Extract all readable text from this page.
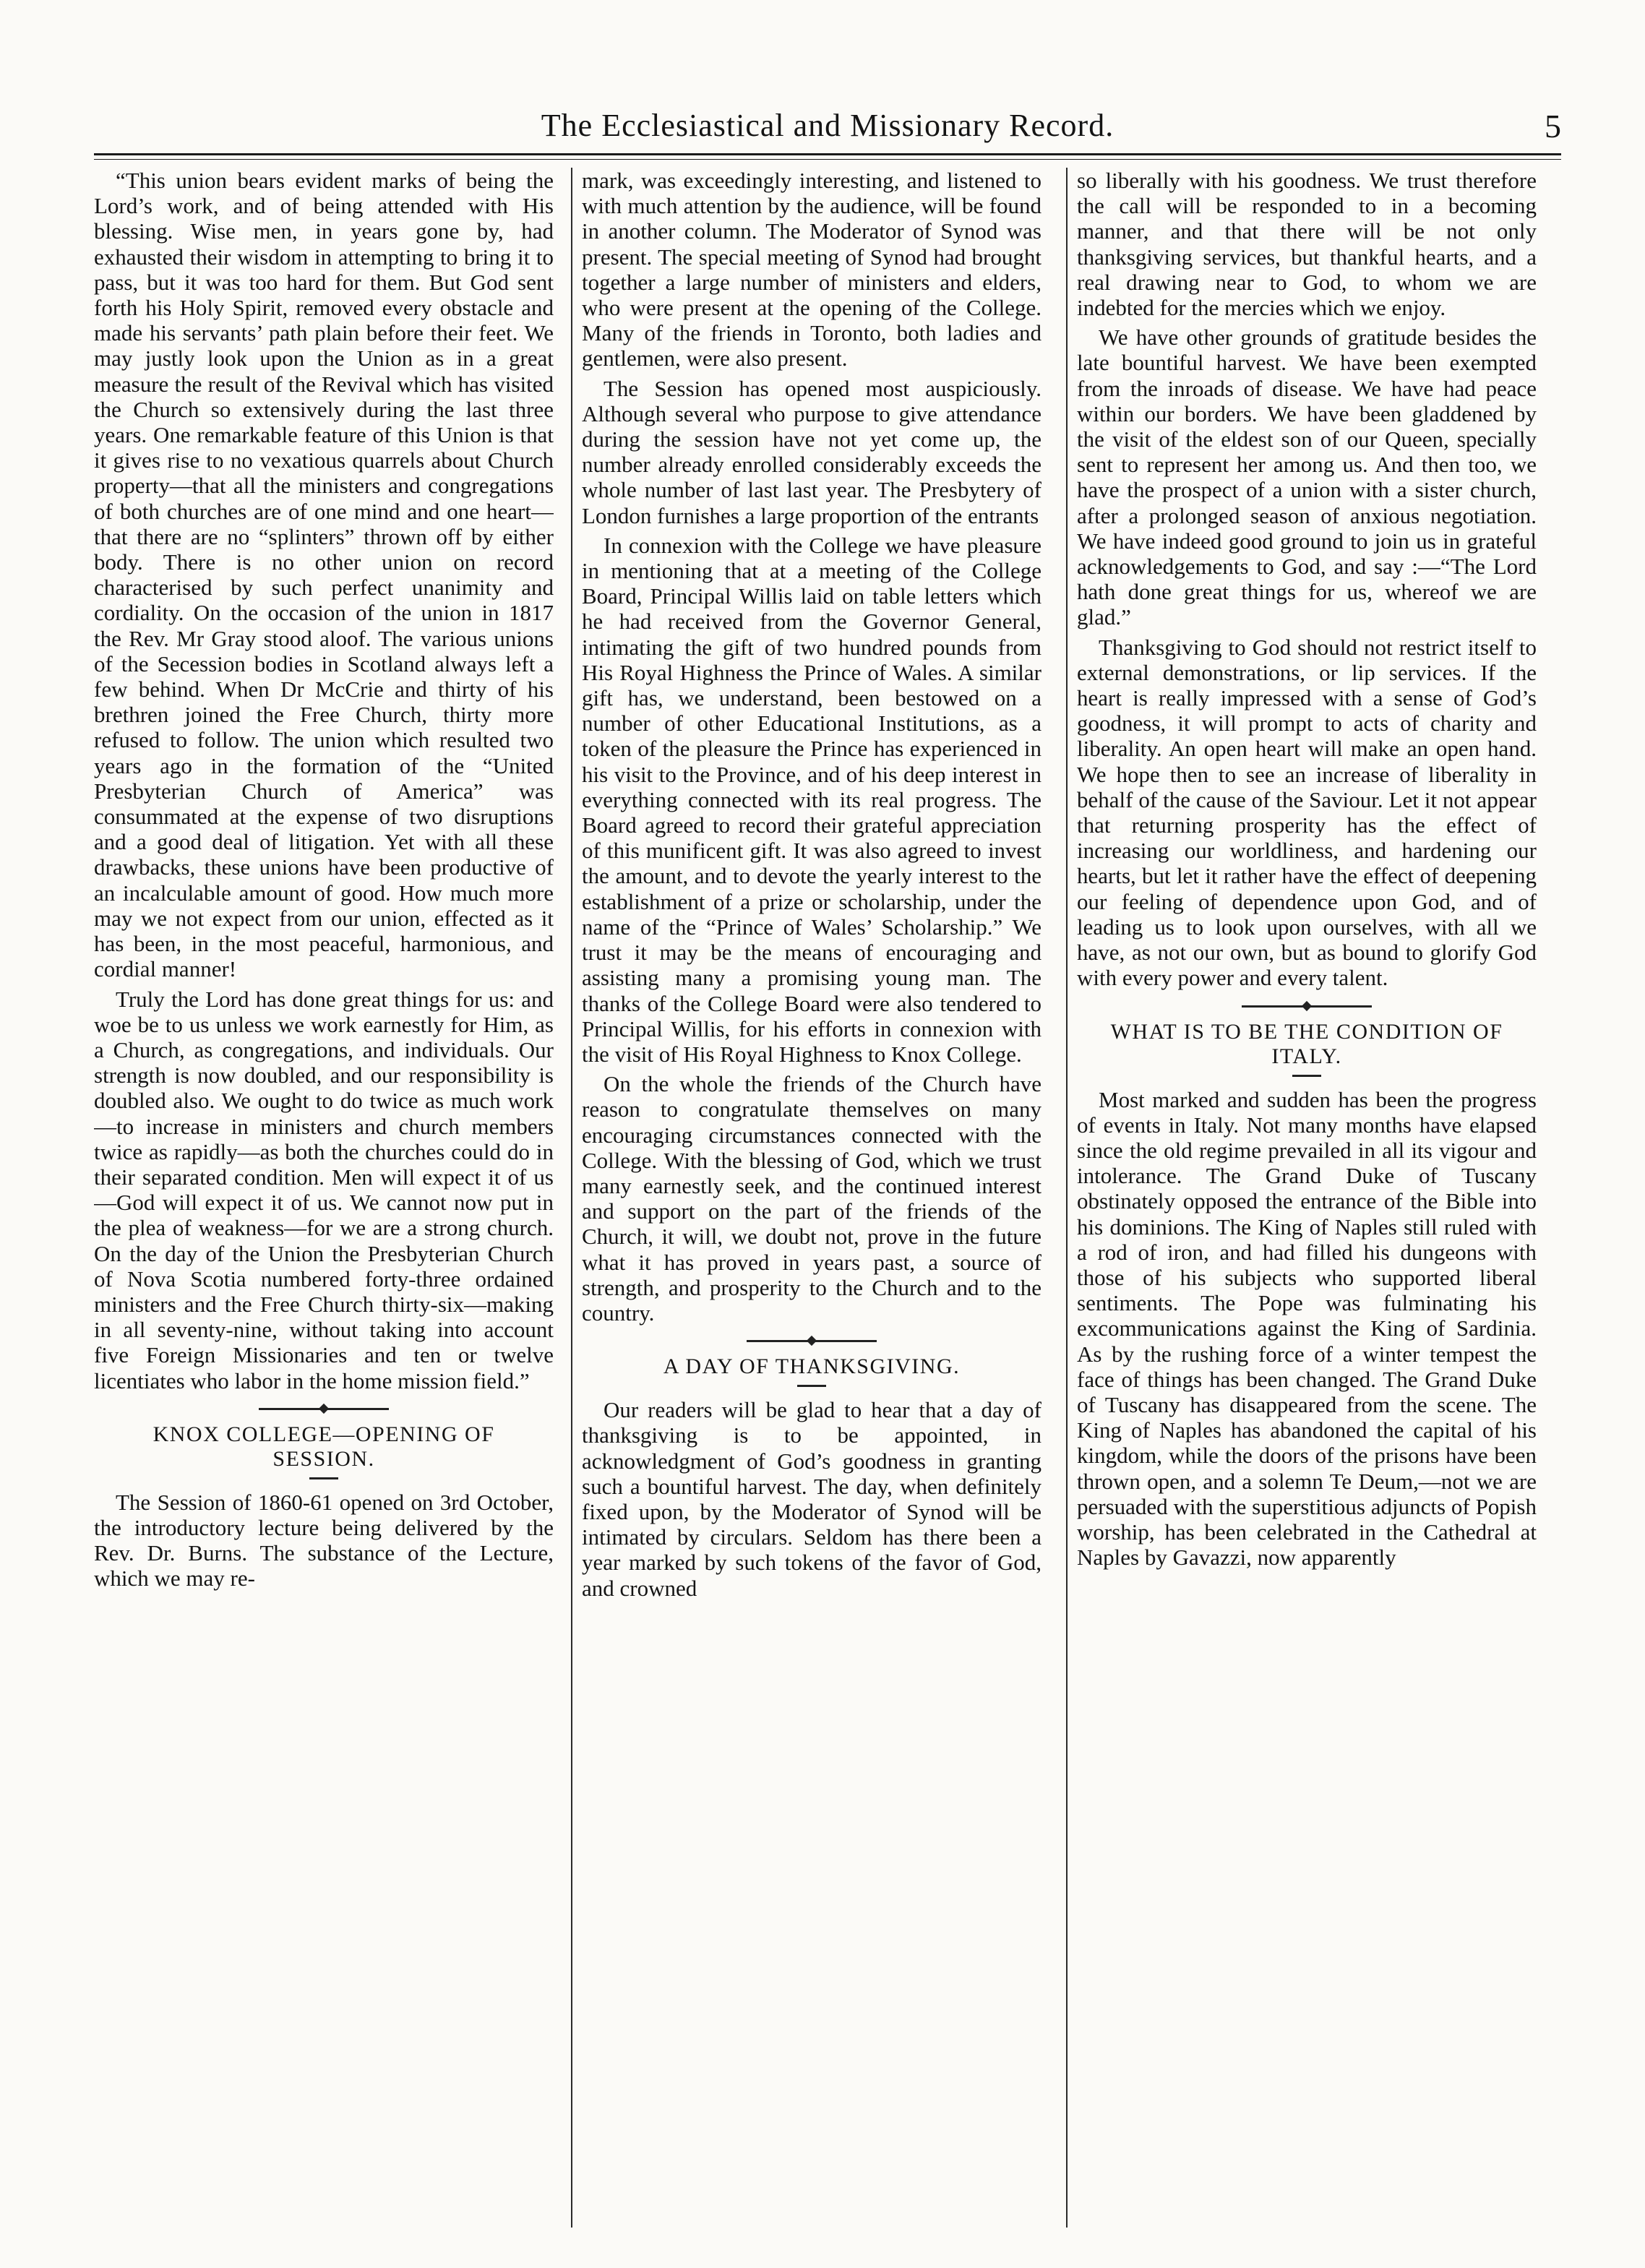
The Ecclesiastical and Missionary Record.	5

“This union bears evident marks of being the Lord’s work, and of being attended with His blessing. Wise men, in years gone by, had exhausted their wisdom in attempting to bring it to pass, but it was too hard for them. But God sent forth his Holy Spirit, removed every obstacle and made his servants’ path plain before their feet. We may justly look upon the Union as in a great measure the result of the Revival which has visited the Church so extensively during the last three years. One remarkable feature of this Union is that it gives rise to no vexatious quarrels about Church property—that all the ministers and congregations of both churches are of one mind and one heart—that there are no “splinters” thrown off by either body. There is no other union on record characterised by such perfect unanimity and cordiality. On the occasion of the union in 1817 the Rev. Mr Gray stood aloof. The various unions of the Secession bodies in Scotland always left a few behind. When Dr McCrie and thirty of his brethren joined the Free Church, thirty more refused to follow. The union which resulted two years ago in the formation of the “United Presbyterian Church of America” was consummated at the expense of two disruptions and a good deal of litigation. Yet with all these drawbacks, these unions have been productive of an incalculable amount of good. How much more may we not expect from our union, effected as it has been, in the most peaceful, harmonious, and cordial manner!

Truly the Lord has done great things for us: and woe be to us unless we work earnestly for Him, as a Church, as congregations, and individuals. Our strength is now doubled, and our responsibility is doubled also. We ought to do twice as much work —to increase in ministers and church members twice as rapidly—as both the churches could do in their separated condition. Men will expect it of us—God will expect it of us. We cannot now put in the plea of weakness—for we are a strong church. On the day of the Union the Presbyterian Church of Nova Scotia numbered forty-three ordained ministers and the Free Church thirty-six—making in all seventy-nine, without taking into account five Foreign Missionaries and ten or twelve licentiates who labor in the home mission field.”

KNOX COLLEGE—OPENING OF SESSION.

The Session of 1860-61 opened on 3rd October, the introductory lecture being delivered by the Rev. Dr. Burns. The substance of the Lecture, which we may re-

mark, was exceedingly interesting, and listened to with much attention by the audience, will be found in another column. The Moderator of Synod was present. The special meeting of Synod had brought together a large number of ministers and elders, who were present at the opening of the College. Many of the friends in Toronto, both ladies and gentlemen, were also present.

The Session has opened most auspiciously. Although several who purpose to give attendance during the session have not yet come up, the number already enrolled considerably exceeds the whole number of last last year. The Presbytery of London furnishes a large proportion of the entrants

In connexion with the College we have pleasure in mentioning that at a meeting of the College Board, Principal Willis laid on table letters which he had received from the Governor General, intimating the gift of two hundred pounds from His Royal Highness the Prince of Wales. A similar gift has, we understand, been bestowed on a number of other Educational Institutions, as a token of the pleasure the Prince has experienced in his visit to the Province, and of his deep interest in everything connected with its real progress. The Board agreed to record their grateful appreciation of this munificent gift. It was also agreed to invest the amount, and to devote the yearly interest to the establishment of a prize or scholarship, under the name of the “Prince of Wales’ Scholarship.” We trust it may be the means of encouraging and assisting many a promising young man. The thanks of the College Board were also tendered to Principal Willis, for his efforts in connexion with the visit of His Royal Highness to Knox College.

On the whole the friends of the Church have reason to congratulate themselves on many encouraging circumstances connected with the College. With the blessing of God, which we trust many earnestly seek, and the continued interest and support on the part of the friends of the Church, it will, we doubt not, prove in the future what it has proved in years past, a source of strength, and prosperity to the Church and to the country.

A DAY OF THANKSGIVING.

Our readers will be glad to hear that a day of thanksgiving is to be appointed, in acknowledgment of God’s goodness in granting such a bountiful harvest. The day, when definitely fixed upon, by the Moderator of Synod will be intimated by circulars. Seldom has there been a year marked by such tokens of the favor of God, and crowned

so liberally with his goodness. We trust therefore the call will be responded to in a becoming manner, and that there will be not only thanksgiving services, but thankful hearts, and a real drawing near to God, to whom we are indebted for the mercies which we enjoy.

We have other grounds of gratitude besides the late bountiful harvest. We have been exempted from the inroads of disease. We have had peace within our borders. We have been gladdened by the visit of the eldest son of our Queen, specially sent to represent her among us. And then too, we have the prospect of a union with a sister church, after a prolonged season of anxious negotiation. We have indeed good ground to join us in grateful acknowledgements to God, and say :—“The Lord hath done great things for us, whereof we are glad.”

Thanksgiving to God should not restrict itself to external demonstrations, or lip services. If the heart is really impressed with a sense of God’s goodness, it will prompt to acts of charity and liberality. An open heart will make an open hand. We hope then to see an increase of liberality in behalf of the cause of the Saviour. Let it not appear that returning prosperity has the effect of increasing our worldliness, and hardening our hearts, but let it rather have the effect of deepening our feeling of dependence upon God, and of leading us to look upon ourselves, with all we have, as not our own, but as bound to glorify God with every power and every talent.

WHAT IS TO BE THE CONDITION OF ITALY.

Most marked and sudden has been the progress of events in Italy. Not many months have elapsed since the old regime prevailed in all its vigour and intolerance. The Grand Duke of Tuscany obstinately opposed the entrance of the Bible into his dominions. The King of Naples still ruled with a rod of iron, and had filled his dungeons with those of his subjects who supported liberal sentiments. The Pope was fulminating his excommunications against the King of Sardinia. As by the rushing force of a winter tempest the face of things has been changed. The Grand Duke of Tuscany has disappeared from the scene. The King of Naples has abandoned the capital of his kingdom, while the doors of the prisons have been thrown open, and a solemn Te Deum,—not we are persuaded with the superstitious adjuncts of Popish worship, has been celebrated in the Cathedral at Naples by Gavazzi, now apparently
